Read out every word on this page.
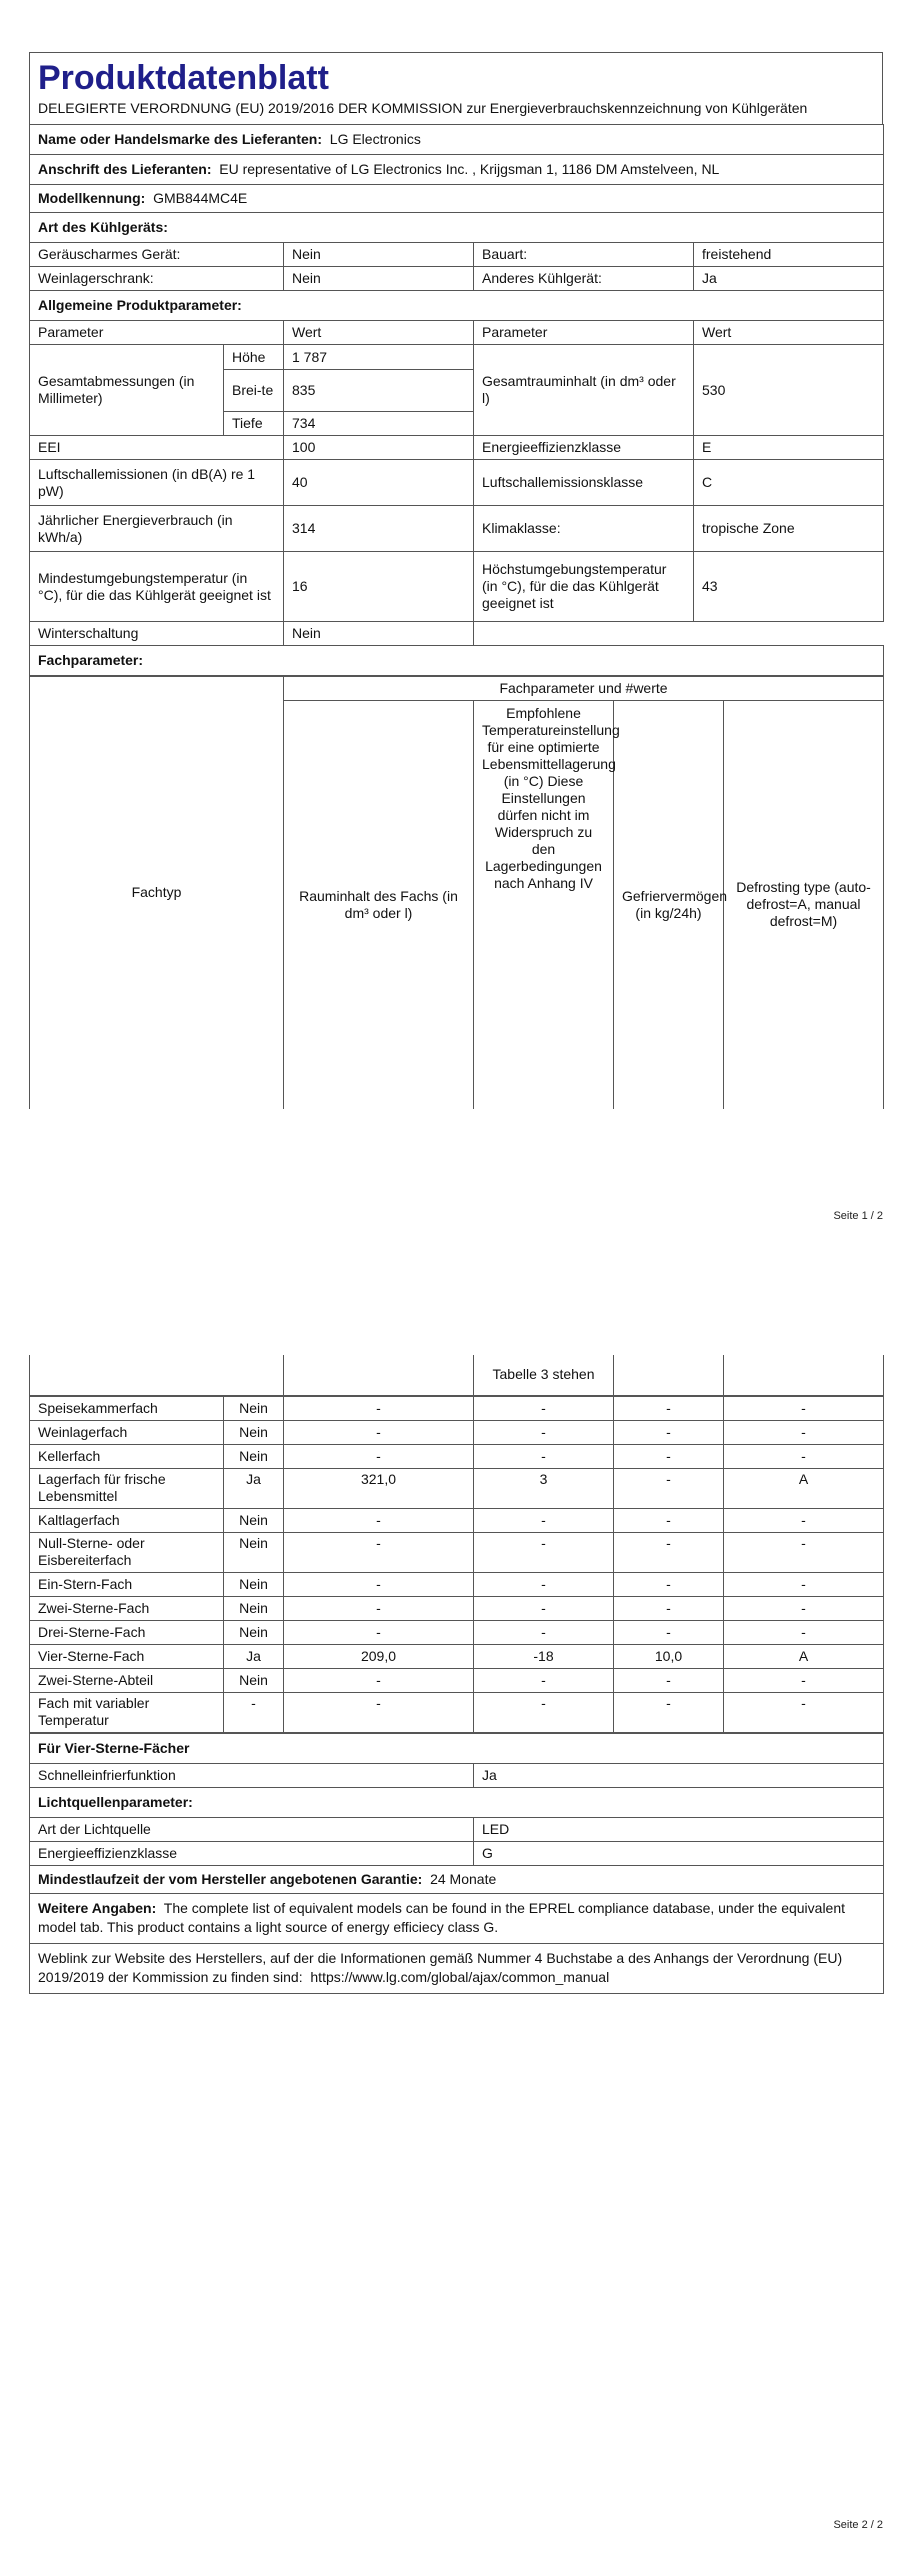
Produktdatenblatt
DELEGIERTE VERORDNUNG (EU) 2019/2016 DER KOMMISSION zur Energieverbrauchskennzeichnung von Kühlgeräten
Name oder Handelsmarke des Lieferanten: LG Electronics				
Anschrift des Lieferanten: EU representative of LG Electronics Inc. , Krijgsman 1, 1186 DM Amstelveen, NL				
Modellkennung: GMB844MC4E				
Art des Kühlgeräts:				
Geräuscharmes Gerät:		Nein	Bauart:	freistehend
Weinlagerschrank:		Nein	Anderes Kühlgerät:	Ja
Allgemeine Produktparameter:				
Parameter		Wert	Parameter	Wert
Gesamtabmessungen (in Millimeter)	Höhe	1 787	Gesamtrauminhalt (in dm³ oder l)	530
	Brei-te	835		
	Tiefe	734		
EEI		100	Energieeffizienzklasse	E
Luftschallemissionen (in dB(A) re 1 pW)		40	Luftschallemissionsklasse	C
Jährlicher Energieverbrauch (in kWh/a)		314	Klimaklasse:	tropische Zone
Mindestumgebungstemperatur (in °C), für die das Kühlgerät geeignet ist		16	Höchstumgebungstemperatur (in °C), für die das Kühlgerät geeignet ist	43
Winterschaltung		Nein		
Fachparameter:				
Fachtyp	Fachparameter und #werte			
	Rauminhalt des Fachs (in dm³ oder l)	Empfohlene Temperatureinstellung für eine optimierte Lebensmittellagerung (in °C) Diese Einstellungen dürfen nicht im Widerspruch zu den Lagerbedingungen nach Anhang IV	Gefriervermögen (in kg/24h)	Defrosting type (auto-defrost=A, manual defrost=M)
Seite 1 / 2
		Tabelle 3 stehen		
Speisekammerfach	Nein	-	-	-	-
Weinlagerfach	Nein	-	-	-	-
Kellerfach	Nein	-	-	-	-
Lagerfach für frische Lebensmittel	Ja	321,0	3	-	A
Kaltlagerfach	Nein	-	-	-	-
Null-Sterne- oder Eisbereiterfach	Nein	-	-	-	-
Ein-Stern-Fach	Nein	-	-	-	-
Zwei-Sterne-Fach	Nein	-	-	-	-
Drei-Sterne-Fach	Nein	-	-	-	-
Vier-Sterne-Fach	Ja	209,0	-18	10,0	A
Zwei-Sterne-Abteil	Nein	-	-	-	-
Fach mit variabler Temperatur	-	-	-	-	-
Für Vier-Sterne-Fächer	
Schnelleinfrierfunktion	Ja
Lichtquellenparameter:	
Art der Lichtquelle	LED
Energieeffizienzklasse	G
Mindestlaufzeit der vom Hersteller angebotenen Garantie: 24 Monate	
Weitere Angaben: The complete list of equivalent models can be found in the EPREL compliance database, under the equivalent model tab. This product contains a light source of energy efficiecy class G.	
Weblink zur Website des Herstellers, auf der die Informationen gemäß Nummer 4 Buchstabe a des Anhangs der Verordnung (EU) 2019/2019 der Kommission zu finden sind: https://www.lg.com/global/ajax/common_manual	
Seite 2 / 2
